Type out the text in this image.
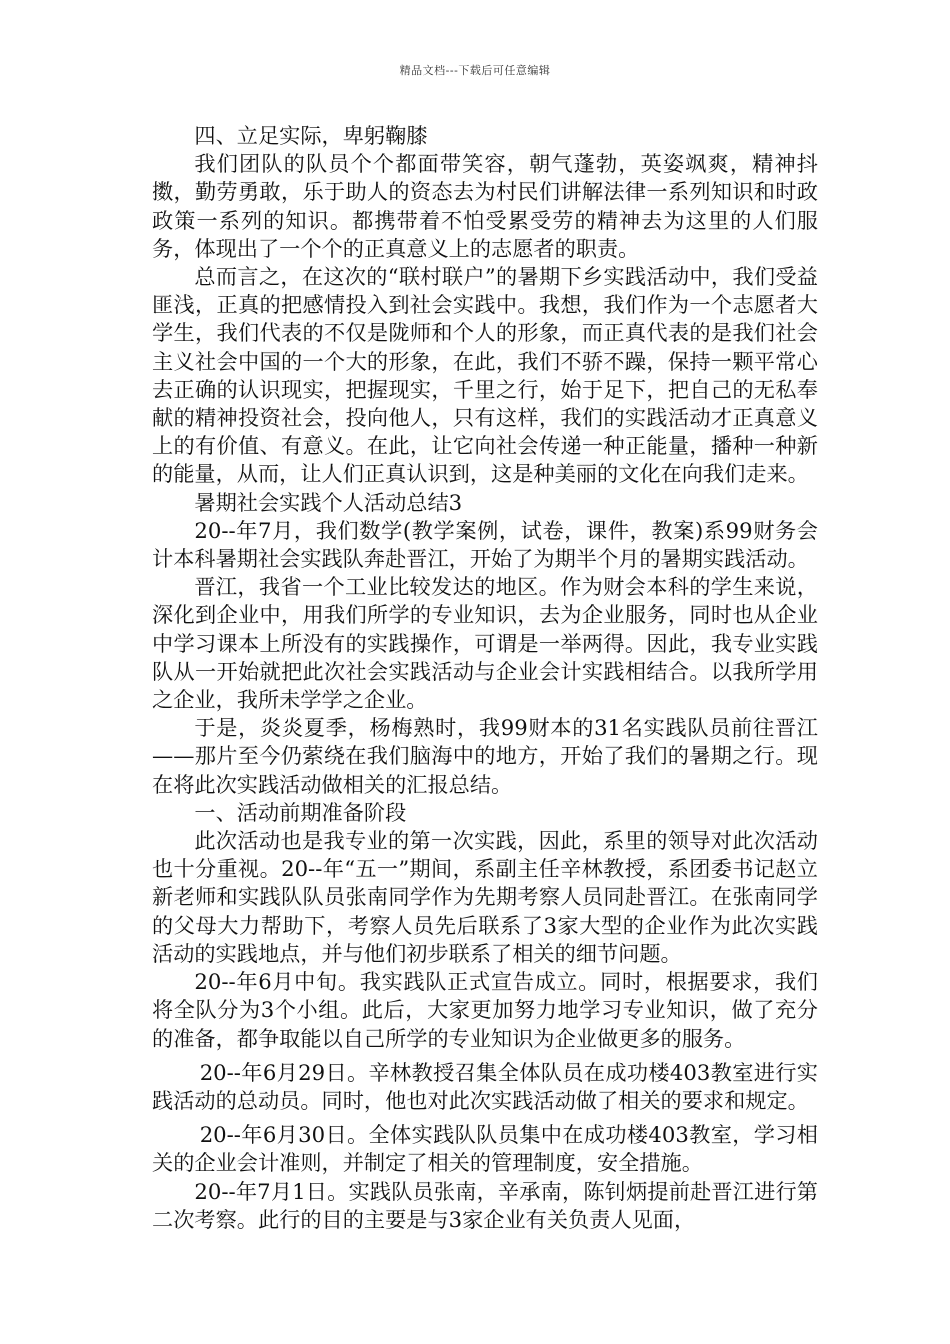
精品文档---下载后可任意编辑

四、立足实际，卑躬鞠膝

我们团队的队员个个都面带笑容，朝气蓬勃，英姿飒爽，精神抖擞，勤劳勇敢，乐于助人的资态去为村民们讲解法律一系列知识和时政政策一系列的知识。都携带着不怕受累受劳的精神去为这里的人们服务，体现出了一个个的正真意义上的志愿者的职责。

总而言之，在这次的“联村联户”的暑期下乡实践活动中，我们受益匪浅，正真的把感情投入到社会实践中。我想，我们作为一个志愿者大学生，我们代表的不仅是陇师和个人的形象，而正真代表的是我们社会主义社会中国的一个大的形象，在此，我们不骄不躁，保持一颗平常心去正确的认识现实，把握现实，千里之行，始于足下，把自己的无私奉献的精神投资社会，投向他人，只有这样，我们的实践活动才正真意义上的有价值、有意义。在此，让它向社会传递一种正能量，播种一种新的能量，从而，让人们正真认识到，这是种美丽的文化在向我们走来。

暑期社会实践个人活动总结3

20--年7月，我们数学(教学案例，试卷，课件，教案)系99财务会计本科暑期社会实践队奔赴晋江，开始了为期半个月的暑期实践活动。

晋江，我省一个工业比较发达的地区。作为财会本科的学生来说，深化到企业中，用我们所学的专业知识，去为企业服务，同时也从企业中学习课本上所没有的实践操作，可谓是一举两得。因此，我专业实践队从一开始就把此次社会实践活动与企业会计实践相结合。以我所学用之企业，我所未学学之企业。

于是，炎炎夏季，杨梅熟时，我99财本的31名实践队员前往晋江——那片至今仍萦绕在我们脑海中的地方，开始了我们的暑期之行。现在将此次实践活动做相关的汇报总结。

一、活动前期准备阶段

此次活动也是我专业的第一次实践，因此，系里的领导对此次活动也十分重视。20--年“五一”期间，系副主任辛林教授，系团委书记赵立新老师和实践队队员张南同学作为先期考察人员同赴晋江。在张南同学的父母大力帮助下，考察人员先后联系了3家大型的企业作为此次实践活动的实践地点，并与他们初步联系了相关的细节问题。

20--年6月中旬。我实践队正式宣告成立。同时，根据要求，我们将全队分为3个小组。此后，大家更加努力地学习专业知识，做了充分的准备，都争取能以自己所学的专业知识为企业做更多的服务。

20--年6月29日。辛林教授召集全体队员在成功楼403教室进行实践活动的总动员。同时，他也对此次实践活动做了相关的要求和规定。

20--年6月30日。全体实践队队员集中在成功楼403教室，学习相关的企业会计准则，并制定了相关的管理制度，安全措施。

20--年7月1日。实践队员张南，辛承南，陈钊炳提前赴晋江进行第二次考察。此行的目的主要是与3家企业有关负责人见面，
